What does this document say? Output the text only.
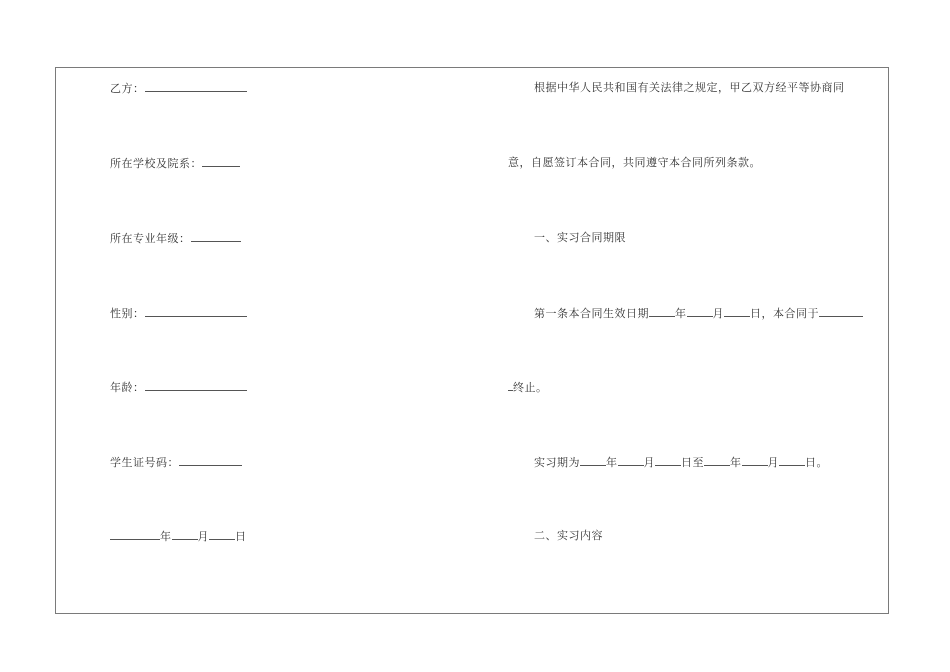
乙方：
所在学校及院系：
所在专业年级：
性别：
年龄：
学生证号码：
年 月 日
根据中华人民共和国有关法律之规定，甲乙双方经平等协商同
意，自愿签订本合同，共同遵守本合同所列条款。
一、实习合同期限
第一条本合同生效日期 年 月 日，本合同于
终止。
实习期为 年 月 日至 年 月 日。
二、实习内容
